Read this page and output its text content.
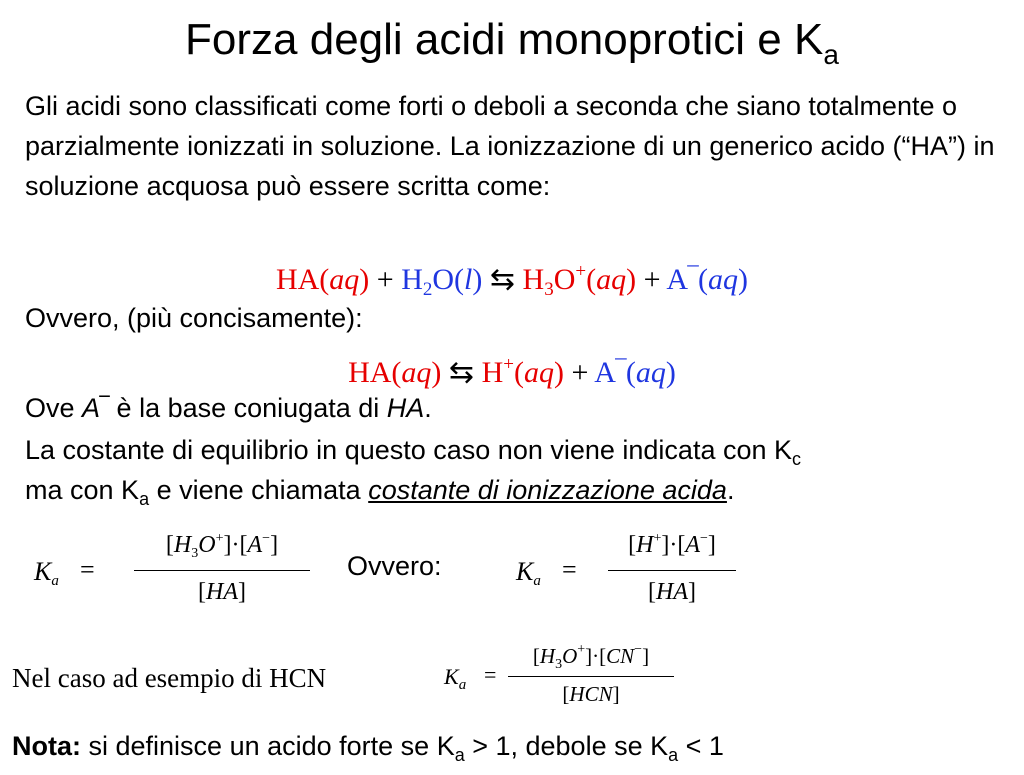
Forza degli acidi monoprotici e $K_a$
Gli acidi sono classificati come forti o deboli a seconda che siano totalmente o parzialmente ionizzati in soluzione. La ionizzazione di un generico acido (“HA”) in soluzione acquosa può essere scritta come:
$HA(aq) + H_2O(l)$ ⇆ $H_3O^+(aq)$ + A‾(aq)
Ovvero, (più concisamente):
HA(aq) ⇆ H+(aq) + A‾(aq)
Ove A‾ è la base coniugata di HA.
La costante di equilibrio in questo caso non viene indicata con $K_c$
ma con $K_a$ e viene chiamata costante di ionizzazione acida.
$K_a$ =
$[H_3O^+]\cdot[A^-]$
[HA]
Ovvero:	$K_a$ =
[H+]·[A−]
[HA]
Nel caso ad esempio di HCN	$K_a$ =
$[H_3O^+]\cdot[CN^-]$
[HCN]
Nota: si definisce un acido forte se $K_a > 1$, debole se $K_a < 1$
